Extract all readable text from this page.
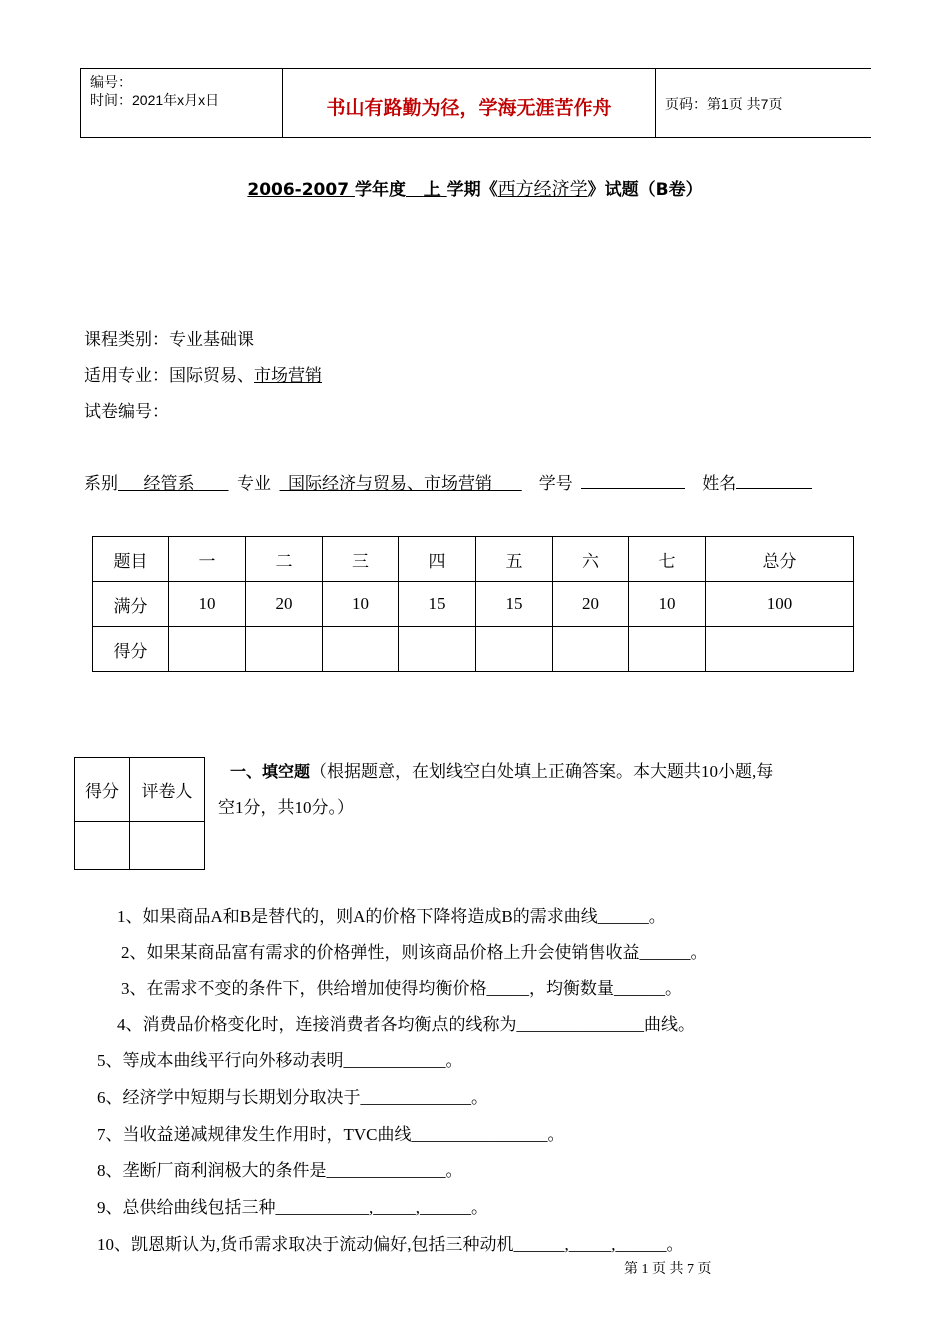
编号：
时间：2021年x月x日	书山有路勤为径，学海无涯苦作舟	页码：第1页 共7页
2006-2007 学年度 上 学期《西方经济学》试题（B卷）
课程类别：专业基础课
适用专业：国际贸易、市场营销
试卷编号：
系别 经管系	专业 国际经济与贸易、市场营销	学号	姓名
题目	一	二	三	四	五	六	七	总分
满分	10	20	10	15	15	20	10	100
得分								
得分	评卷人

一、填空题（根据题意，在划线空白处填上正确答案。本大题共10小题,每
空1分，共10分。）
1、如果商品A和B是替代的，则A的价格下降将造成B的需求曲线______。
2、如果某商品富有需求的价格弹性，则该商品价格上升会使销售收益______。
3、在需求不变的条件下，供给增加使得均衡价格_____，均衡数量______。
4、消费品价格变化时，连接消费者各均衡点的线称为_______________曲线。
5、等成本曲线平行向外移动表明____________。
6、经济学中短期与长期划分取决于_____________。
7、当收益递减规律发生作用时，TVC曲线________________。
8、垄断厂商利润极大的条件是______________。
9、总供给曲线包括三种___________,_____,______。
10、凯恩斯认为,货币需求取决于流动偏好,包括三种动机______,_____,______。
第 1 页 共 7 页
